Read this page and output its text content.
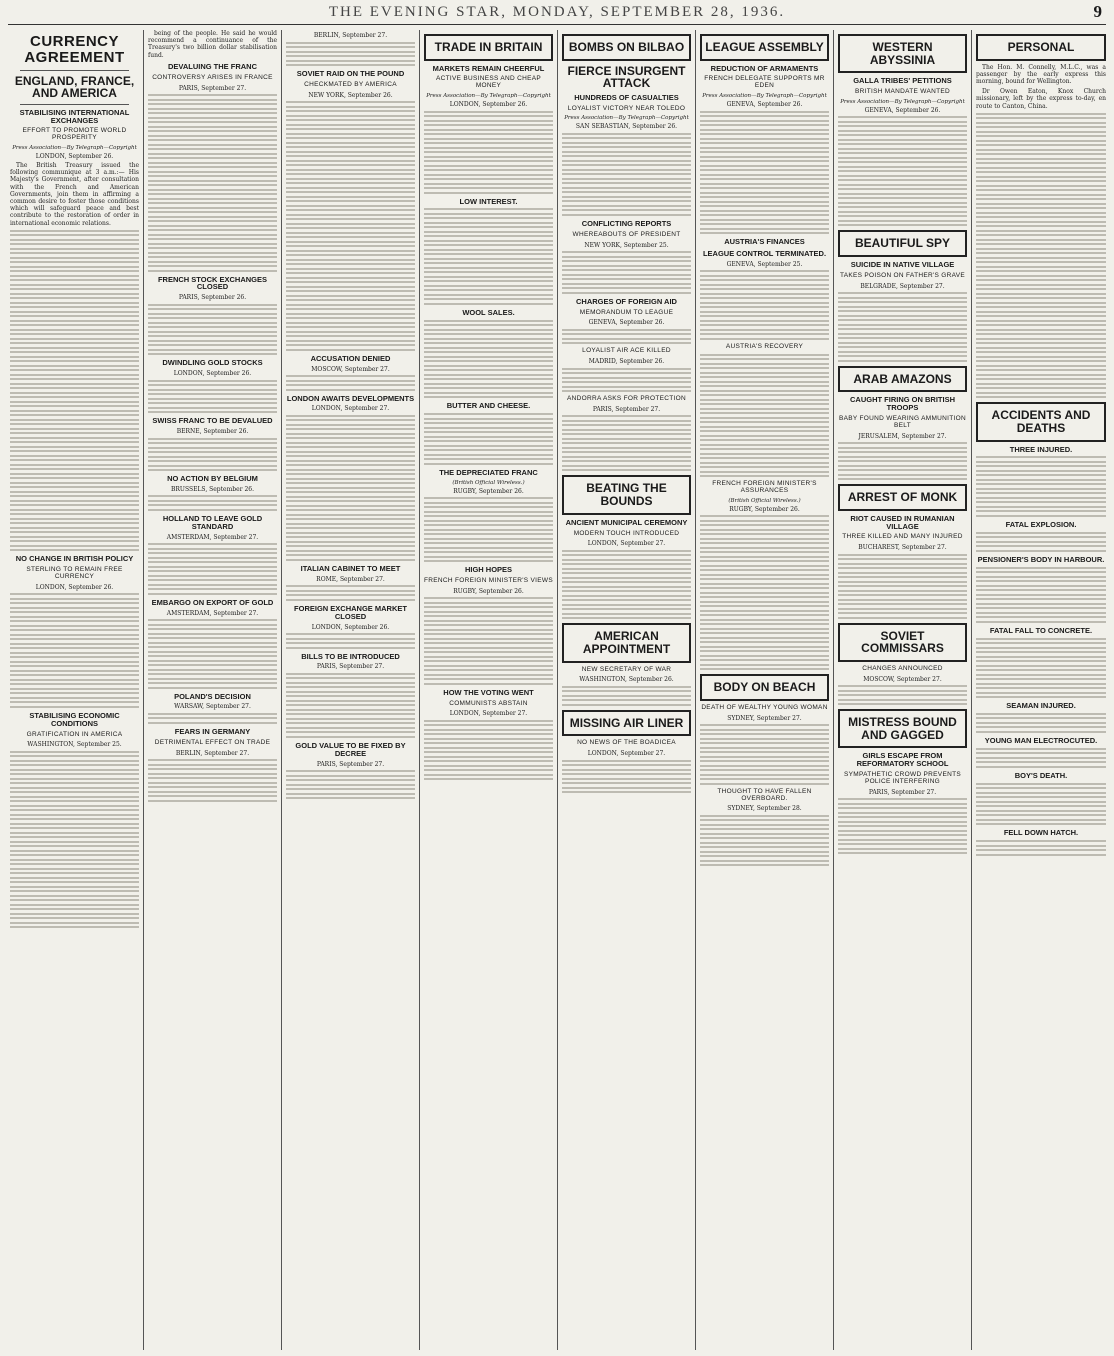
THE EVENING STAR, MONDAY, SEPTEMBER 28, 1936.	9
CURRENCY AGREEMENT
ENGLAND, FRANCE, AND AMERICA
STABILISING INTERNATIONAL EXCHANGES
EFFORT TO PROMOTE WORLD PROSPERITY
Press Association—By Telegraph—Copyright
LONDON, September 26.

The British Treasury issued the following communique at 3 a.m.:— His Majesty's Government, after consultation with the French and American Governments, join them in affirming a common desire to foster those conditions which will safeguard peace and best contribute to the restoration of order in international economic relations.

NO CHANGE IN BRITISH POLICY
STERLING TO REMAIN FREE CURRENCY
LONDON, September 26.
STABILISING ECONOMIC CONDITIONS
GRATIFICATION IN AMERICA
WASHINGTON, September 25.

being of the people. He said he would recommend a continuance of the Treasury's two billion dollar stabilisation fund.

DEVALUING THE FRANC
CONTROVERSY ARISES IN FRANCE
PARIS, September 27.
FRENCH STOCK EXCHANGES CLOSED
PARIS, September 26.
DWINDLING GOLD STOCKS
LONDON, September 26.
SWISS FRANC TO BE DEVALUED
BERNE, September 26.
NO ACTION BY BELGIUM
BRUSSELS, September 26.
HOLLAND TO LEAVE GOLD STANDARD
AMSTERDAM, September 27.
EMBARGO ON EXPORT OF GOLD
AMSTERDAM, September 27.
POLAND'S DECISION
WARSAW, September 27.
FEARS IN GERMANY
DETRIMENTAL EFFECT ON TRADE
BERLIN, September 27.
BERLIN, September 27.
SOVIET RAID ON THE POUND
CHECKMATED BY AMERICA
NEW YORK, September 26.
ACCUSATION DENIED
MOSCOW, September 27.
LONDON AWAITS DEVELOPMENTS
LONDON, September 27.
ITALIAN CABINET TO MEET
ROME, September 27.
FOREIGN EXCHANGE MARKET CLOSED
LONDON, September 26.
BILLS TO BE INTRODUCED
PARIS, September 27.
GOLD VALUE TO BE FIXED BY DECREE
PARIS, September 27.
TRADE IN BRITAIN
MARKETS REMAIN CHEERFUL
ACTIVE BUSINESS AND CHEAP MONEY
Press Association—By Telegraph—Copyright
LONDON, September 26.
LOW INTEREST.
WOOL SALES.
BUTTER AND CHEESE.
THE DEPRECIATED FRANC
(British Official Wireless.)
RUGBY, September 26.
HIGH HOPES
FRENCH FOREIGN MINISTER'S VIEWS
RUGBY, September 26.
HOW THE VOTING WENT
COMMUNISTS ABSTAIN
LONDON, September 27.
BOMBS ON BILBAO
FIERCE INSURGENT ATTACK
HUNDREDS OF CASUALTIES
LOYALIST VICTORY NEAR TOLEDO
Press Association—By Telegraph—Copyright
SAN SEBASTIAN, September 26.
CONFLICTING REPORTS
WHEREABOUTS OF PRESIDENT
NEW YORK, September 25.
CHARGES OF FOREIGN AID
MEMORANDUM TO LEAGUE
GENEVA, September 26.
LOYALIST AIR ACE KILLED
MADRID, September 26.
ANDORRA ASKS FOR PROTECTION
PARIS, September 27.
BEATING THE BOUNDS
ANCIENT MUNICIPAL CEREMONY
MODERN TOUCH INTRODUCED
LONDON, September 27.
AMERICAN APPOINTMENT
NEW SECRETARY OF WAR
WASHINGTON, September 26.
MISSING AIR LINER
NO NEWS OF THE BOADICEA
LONDON, September 27.
LEAGUE ASSEMBLY
REDUCTION OF ARMAMENTS
FRENCH DELEGATE SUPPORTS MR EDEN
Press Association—By Telegraph—Copyright
GENEVA, September 26.
AUSTRIA'S FINANCES
LEAGUE CONTROL TERMINATED.
GENEVA, September 25.
AUSTRIA'S RECOVERY
FRENCH FOREIGN MINISTER'S ASSURANCES
(British Official Wireless.)
RUGBY, September 26.
BODY ON BEACH
DEATH OF WEALTHY YOUNG WOMAN
SYDNEY, September 27.
THOUGHT TO HAVE FALLEN OVERBOARD.
SYDNEY, September 28.
WESTERN ABYSSINIA
GALLA TRIBES' PETITIONS
BRITISH MANDATE WANTED
Press Association—By Telegraph—Copyright
GENEVA, September 26.
BEAUTIFUL SPY
SUICIDE IN NATIVE VILLAGE
TAKES POISON ON FATHER'S GRAVE
BELGRADE, September 27.
ARAB AMAZONS
CAUGHT FIRING ON BRITISH TROOPS
BABY FOUND WEARING AMMUNITION BELT
JERUSALEM, September 27.
ARREST OF MONK
RIOT CAUSED IN RUMANIAN VILLAGE
THREE KILLED AND MANY INJURED
BUCHAREST, September 27.
SOVIET COMMISSARS
CHANGES ANNOUNCED
MOSCOW, September 27.
MISTRESS BOUND AND GAGGED
GIRLS ESCAPE FROM REFORMATORY SCHOOL
SYMPATHETIC CROWD PREVENTS POLICE INTERFERING
PARIS, September 27.
PERSONAL

The Hon. M. Connelly, M.L.C., was a passenger by the early express this morning, bound for Wellington.

Dr Owen Eaton, Knox Church missionary, left by the express to-day, en route to Canton, China.

ACCIDENTS AND DEATHS
THREE INJURED.
FATAL EXPLOSION.
PENSIONER'S BODY IN HARBOUR.
FATAL FALL TO CONCRETE.
SEAMAN INJURED.
YOUNG MAN ELECTROCUTED.
BOY'S DEATH.
FELL DOWN HATCH.
